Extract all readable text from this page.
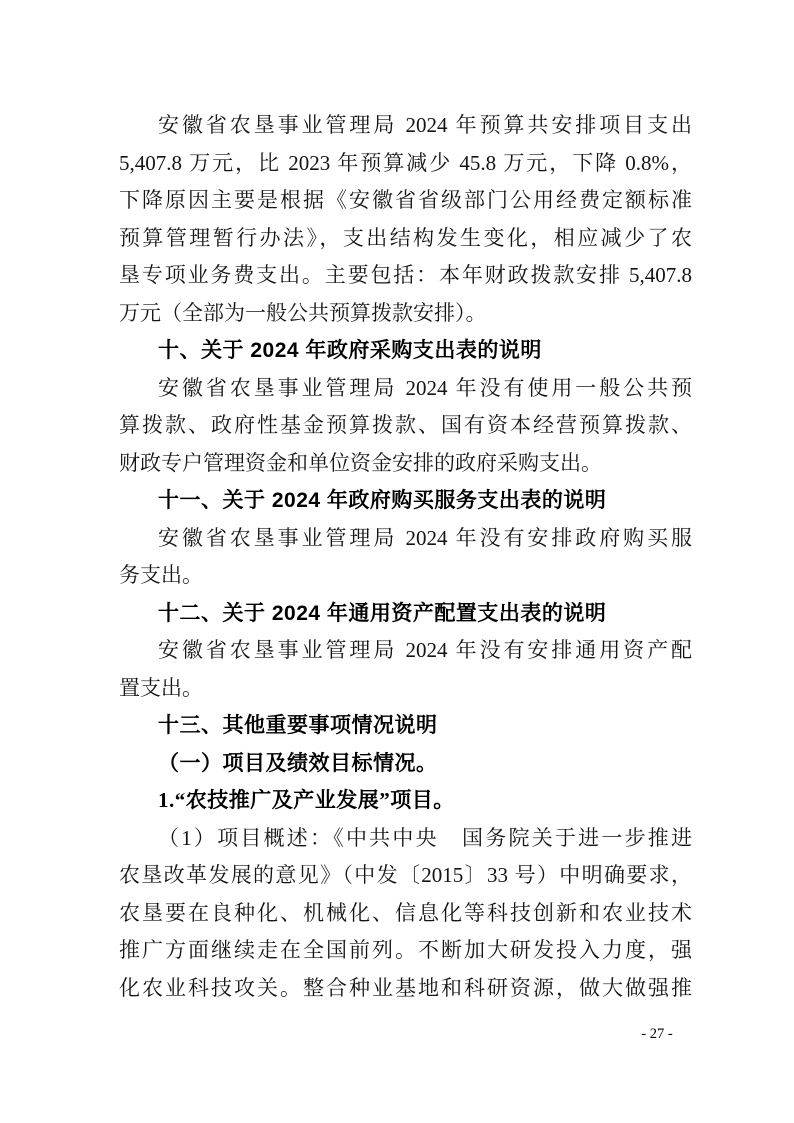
安徽省农垦事业管理局 2024 年预算共安排项目支出
5,407.8 万元，比 2023 年预算减少 45.8 万元，下降 0.8%，
下降原因主要是根据《安徽省省级部门公用经费定额标准
预算管理暂行办法》，支出结构发生变化，相应减少了农
垦专项业务费支出。主要包括：本年财政拨款安排 5,407.8
万元（全部为一般公共预算拨款安排）。
十、关于 2024 年政府采购支出表的说明
安徽省农垦事业管理局 2024 年没有使用一般公共预
算拨款、政府性基金预算拨款、国有资本经营预算拨款、
财政专户管理资金和单位资金安排的政府采购支出。
十一、关于 2024 年政府购买服务支出表的说明
安徽省农垦事业管理局 2024 年没有安排政府购买服
务支出。
十二、关于 2024 年通用资产配置支出表的说明
安徽省农垦事业管理局 2024 年没有安排通用资产配
置支出。
十三、其他重要事项情况说明
（一）项目及绩效目标情况。
1.“农技推广及产业发展”项目。
（1）项目概述：《中共中央　国务院关于进一步推进
农垦改革发展的意见》（中发〔2015〕33 号）中明确要求，
农垦要在良种化、机械化、信息化等科技创新和农业技术
推广方面继续走在全国前列。不断加大研发投入力度，强
化农业科技攻关。整合种业基地和科研资源，做大做强推
- 27 -
